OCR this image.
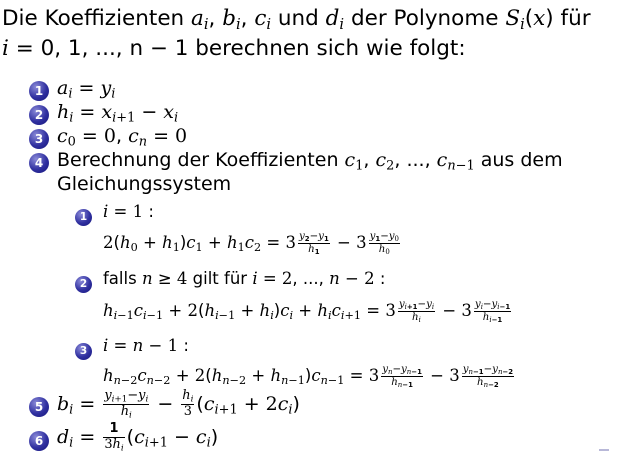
Die Koeffizienten $a_i$, $b_i$, $c_i$ und $d_i$ der Polynome $S_i(x)$ für
i = 0, 1, ..., n − 1 berechnen sich wie folgt:
1 $a_i = y_i$
2 $h_i = x_{i+1} - x_i$
3 $c_0 = 0$, $c_n = 0$
4 Berechnung der Koeffizienten $c_1$, $c_2$, ..., $c_{n-1}$ aus dem
Gleichungssystem
1 i = 1 :
$2(h_0 + h_1)c_1 + h_1c_2 = 3 \frac{y_2-y_1}{h_1} - 3 \frac{y_1-y_0}{h_0}$
2 falls n ≥ 4 gilt für i = 2, ..., n − 2 :
$h_{i-1}c_{i-1} + 2(h_{i-1} + h_i)c_i + h_ic_{i+1} = 3 \frac{y_{i+1}-y_i}{h_i} - 3 \frac{y_i-y_{i-1}}{h_{i-1}}$
3 i = n − 1 :
$h_{n-2}c_{n-2} + 2(h_{n-2} + h_{n-1})c_{n-1} = 3 \frac{y_n-y_{n-1}}{h_{n-1}} - 3 \frac{y_{n-1}-y_{n-2}}{h_{n-2}}$
5 $b_i = \frac{y_{i+1}-y_i}{h_i} - \frac{h_i}{3} (c_{i+1} + 2c_i)$
6 $d_i = \frac{1}{3h_i} (c_{i+1} - c_i)$
